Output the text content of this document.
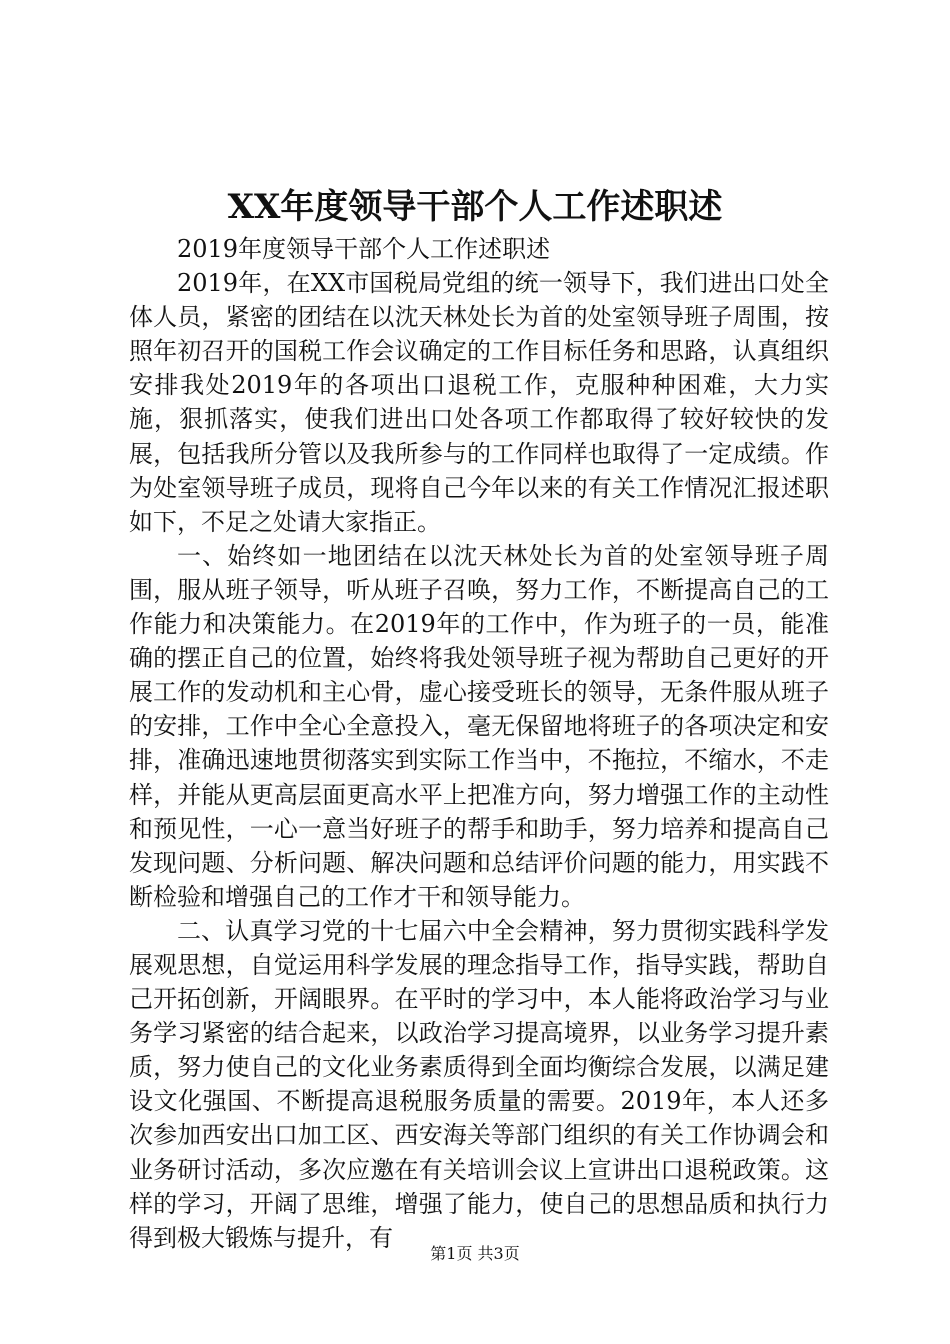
XX年度领导干部个人工作述职述

2019年度领导干部个人工作述职述

2019年，在XX市国税局党组的统一领导下，我们进出口处全体人员，紧密的团结在以沈天林处长为首的处室领导班子周围，按照年初召开的国税工作会议确定的工作目标任务和思路，认真组织安排我处2019年的各项出口退税工作，克服种种困难，大力实施，狠抓落实，使我们进出口处各项工作都取得了较好较快的发展，包括我所分管以及我所参与的工作同样也取得了一定成绩。作为处室领导班子成员，现将自己今年以来的有关工作情况汇报述职如下，不足之处请大家指正。

一、始终如一地团结在以沈天林处长为首的处室领导班子周围，服从班子领导，听从班子召唤，努力工作，不断提高自己的工作能力和决策能力。在2019年的工作中，作为班子的一员，能准确的摆正自己的位置，始终将我处领导班子视为帮助自己更好的开展工作的发动机和主心骨，虚心接受班长的领导，无条件服从班子的安排，工作中全心全意投入，毫无保留地将班子的各项决定和安排，准确迅速地贯彻落实到实际工作当中，不拖拉，不缩水，不走样，并能从更高层面更高水平上把准方向，努力增强工作的主动性和预见性，一心一意当好班子的帮手和助手，努力培养和提高自己发现问题、分析问题、解决问题和总结评价问题的能力，用实践不断检验和增强自己的工作才干和领导能力。

二、认真学习党的十七届六中全会精神，努力贯彻实践科学发展观思想，自觉运用科学发展的理念指导工作，指导实践，帮助自己开拓创新，开阔眼界。在平时的学习中，本人能将政治学习与业务学习紧密的结合起来，以政治学习提高境界，以业务学习提升素质，努力使自己的文化业务素质得到全面均衡综合发展，以满足建设文化强国、不断提高退税服务质量的需要。2019年，本人还多次参加西安出口加工区、西安海关等部门组织的有关工作协调会和业务研讨活动，多次应邀在有关培训会议上宣讲出口退税政策。这样的学习，开阔了思维，增强了能力，使自己的思想品质和执行力得到极大锻炼与提升，有

第1页 共3页
